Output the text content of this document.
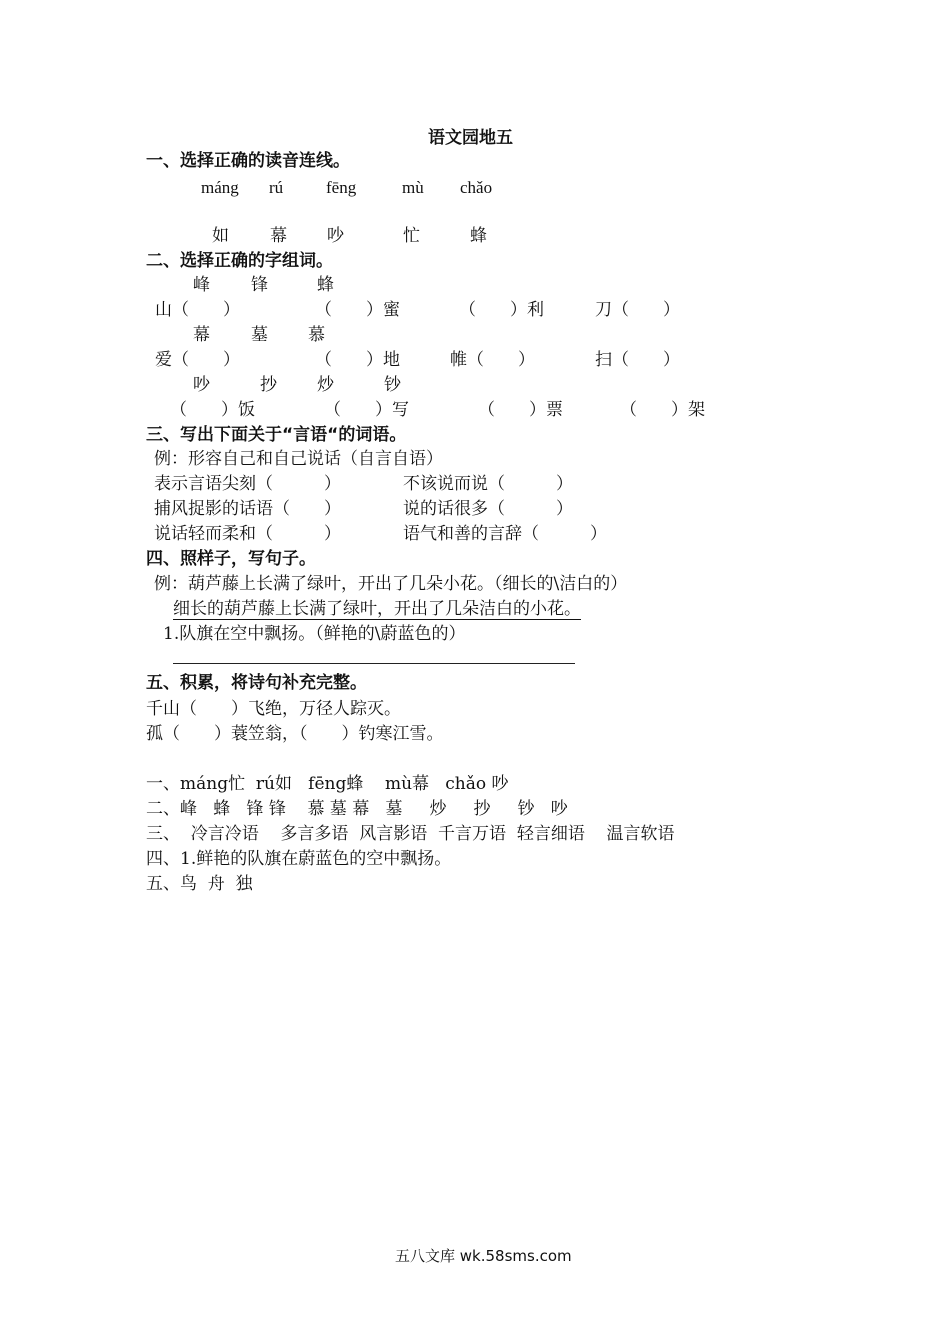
语文园地五
一、选择正确的读音连线。
máng rú	fēng	mù chǎo
如 幕 吵	忙	蜂
二、选择正确的字组词。
峰 锋	蜂
山（　　）	（　　）蜜	（　　）利	刀（　　）
幕 墓 慕
爱（　　）	（　　）地	帷（　　）	扫（　　）
吵	抄 炒	钞
（　　）饭	（　　）写	（　　）票	（　　）架
三、写出下面关于“言语“的词语。
例：形容自己和自己说话（自言自语）
表示言语尖刻（　　　）	不该说而说（　　　）
捕风捉影的话语（　　）	说的话很多（　　　）
说话轻而柔和（　　　）	语气和善的言辞（　　　）
四、照样子，写句子。
例：葫芦藤上长满了绿叶，开出了几朵小花。（细长的\洁白的）
细长的葫芦藤上长满了绿叶，开出了几朵洁白的小花。
1.队旗在空中飘扬。（鲜艳的\蔚蓝色的）
五、积累，将诗句补充完整。
千山（　　）飞绝，万径人踪灭。
孤（　　）蓑笠翁，（　　）钓寒江雪。
一、máng忙  rú如   fēng蜂    mù幕   chǎo 吵
二、峰   蜂   锋 锋    慕 墓 幕   墓     炒     抄     钞   吵
三、  冷言冷语    多言多语  风言影语  千言万语  轻言细语    温言软语
四、1.鲜艳的队旗在蔚蓝色的空中飘扬。
五、鸟  舟  独
五八文库 wk.58sms.com
